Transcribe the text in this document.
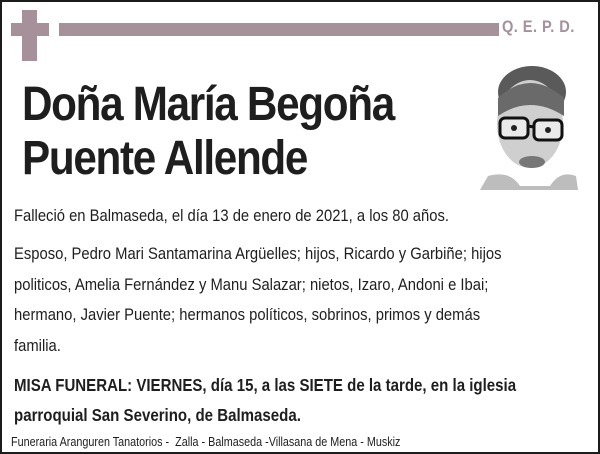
Q. E. P. D.
Doña María Begoña
Puente Allende
Falleció en Balmaseda, el día 13 de enero de 2021, a los 80 años.
Esposo, Pedro Mari Santamarina Argüelles; hijos, Ricardo y Garbiñe; hijos
politicos, Amelia Fernández y Manu Salazar; nietos, Izaro, Andoni e Ibai;
hermano, Javier Puente; hermanos políticos, sobrinos, primos y demás
familia.
MISA FUNERAL: VIERNES, día 15, a las SIETE de la tarde, en la iglesia
parroquial San Severino, de Balmaseda.
Funeraria Aranguren Tanatorios -  Zalla - Balmaseda -Villasana de Mena - Muskiz
